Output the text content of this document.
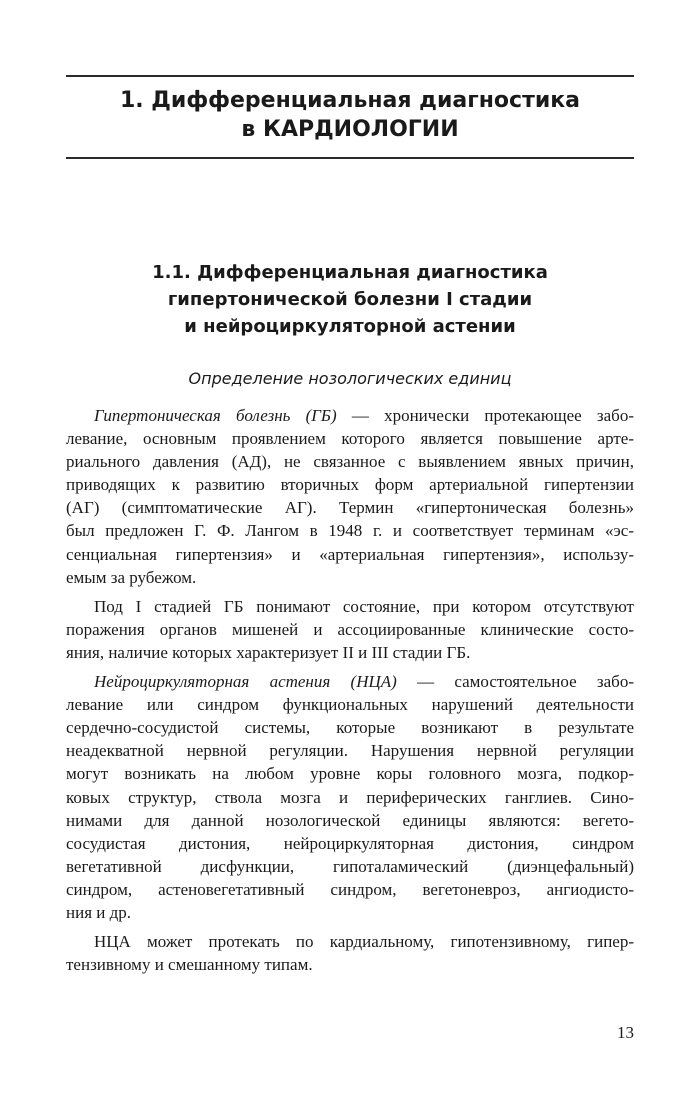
1. Дифференциальная диагностика
в КАРДИОЛОГИИ
1.1. Дифференциальная диагностика
гипертонической болезни I стадии
и нейроциркуляторной астении
Определение нозологических единиц
Гипертоническая болезнь (ГБ) — хронически протекающее забо-
левание, основным проявлением которого является повышение арте-
риального давления (АД), не связанное с выявлением явных причин,
приводящих к развитию вторичных форм артериальной гипертензии
(АГ) (симптоматические АГ). Термин «гипертоническая болезнь»
был предложен Г. Ф. Лангом в 1948 г. и соответствует терминам «эс-
сенциальная гипертензия» и «артериальная гипертензия», использу-
емым за рубежом.
Под I стадией ГБ понимают состояние, при котором отсутствуют
поражения органов мишеней и ассоциированные клинические состо-
яния, наличие которых характеризует II и III стадии ГБ.
Нейроциркуляторная астения (НЦА) — самостоятельное забо-
левание или синдром функциональных нарушений деятельности
сердечно-сосудистой системы, которые возникают в результате
неадекватной нервной регуляции. Нарушения нервной регуляции
могут возникать на любом уровне коры головного мозга, подкор-
ковых структур, ствола мозга и периферических ганглиев. Сино-
нимами для данной нозологической единицы являются: вегето-
сосудистая дистония, нейроциркуляторная дистония, синдром
вегетативной дисфункции, гипоталамический (диэнцефальный)
синдром, астеновегетативный синдром, вегетоневроз, ангиодисто-
ния и др.
НЦА может протекать по кардиальному, гипотензивному, гипер-
тензивному и смешанному типам.
13
